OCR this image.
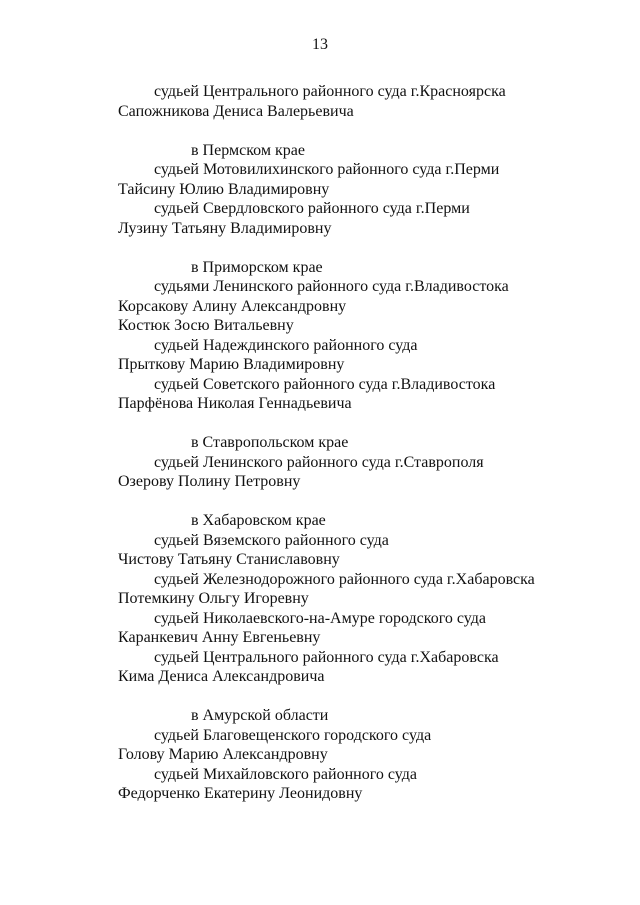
13
судьей Центрального районного суда г.Красноярска
Сапожникова Дениса Валерьевича
в Пермском крае
судьей Мотовилихинского районного суда г.Перми
Тайсину Юлию Владимировну
судьей Свердловского районного суда г.Перми
Лузину Татьяну Владимировну
в Приморском крае
судьями Ленинского районного суда г.Владивостока
Корсакову Алину Александровну
Костюк Зосю Витальевну
судьей Надеждинского районного суда
Прыткову Марию Владимировну
судьей Советского районного суда г.Владивостока
Парфёнова Николая Геннадьевича
в Ставропольском крае
судьей Ленинского районного суда г.Ставрополя
Озерову Полину Петровну
в Хабаровском крае
судьей Вяземского районного суда
Чистову Татьяну Станиславовну
судьей Железнодорожного районного суда г.Хабаровска
Потемкину Ольгу Игоревну
судьей Николаевского-на-Амуре городского суда
Каранкевич Анну Евгеньевну
судьей Центрального районного суда г.Хабаровска
Кима Дениса Александровича
в Амурской области
судьей Благовещенского городского суда
Голову Марию Александровну
судьей Михайловского районного суда
Федорченко Екатерину Леонидовну
